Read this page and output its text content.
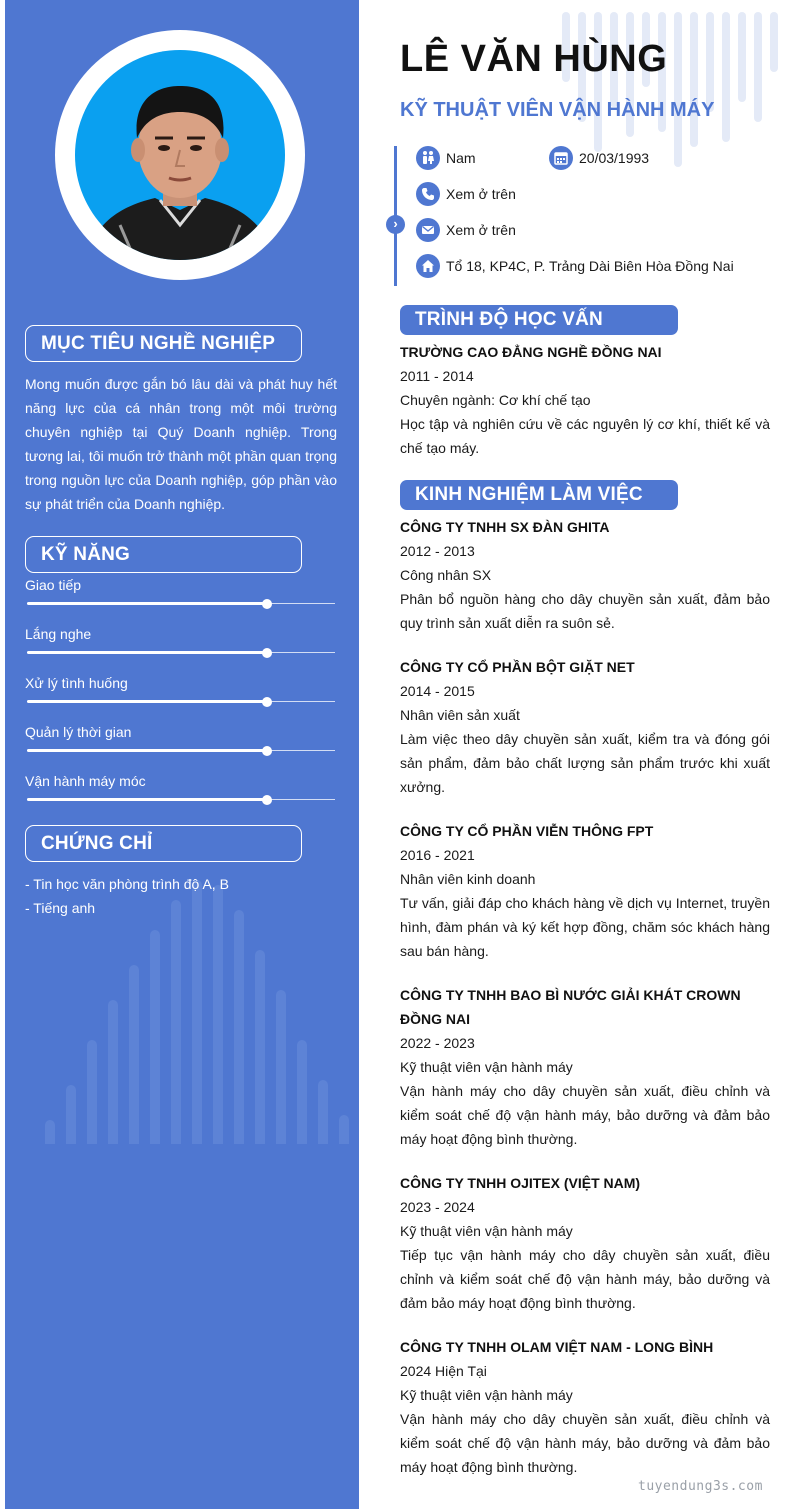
MỤC TIÊU NGHỀ NGHIỆP

Mong muốn được gắn bó lâu dài và phát huy hết năng lực của cá nhân trong một môi trường chuyên nghiệp tại Quý Doanh nghiệp. Trong tương lai, tôi muốn trở thành một phần quan trọng trong nguồn lực của Doanh nghiệp, góp phần vào sự phát triển của Doanh nghiệp.

KỸ NĂNG
Giao tiếp
Lắng nghe
Xử lý tình huống
Quản lý thời gian
Vận hành máy móc
CHỨNG CHỈ
- Tin học văn phòng trình độ A, B
- Tiếng anh
LÊ VĂN HÙNG
KỸ THUẬT VIÊN VẬN HÀNH MÁY
›
Nam	20/03/1993
Xem ở trên
Xem ở trên
Tổ 18, KP4C, P. Trảng Dài Biên Hòa Đồng Nai
TRÌNH ĐỘ HỌC VẤN
TRƯỜNG CAO ĐẲNG NGHỀ ĐỒNG NAI
2011 - 2014
Chuyên ngành: Cơ khí chế tạo
Học tập và nghiên cứu về các nguyên lý cơ khí, thiết kế và chế tạo máy.
KINH NGHIỆM LÀM VIỆC
CÔNG TY TNHH SX ĐÀN GHITA
2012 - 2013
Công nhân SX
Phân bổ nguồn hàng cho dây chuyền sản xuất, đảm bảo quy trình sản xuất diễn ra suôn sẻ.
CÔNG TY CỔ PHẦN BỘT GIẶT NET
2014 - 2015
Nhân viên sản xuất
Làm việc theo dây chuyền sản xuất, kiểm tra và đóng gói sản phẩm, đảm bảo chất lượng sản phẩm trước khi xuất xưởng.
CÔNG TY CỔ PHẦN VIỄN THÔNG FPT
2016 - 2021
Nhân viên kinh doanh
Tư vấn, giải đáp cho khách hàng về dịch vụ Internet, truyền hình, đàm phán và ký kết hợp đồng, chăm sóc khách hàng sau bán hàng.
CÔNG TY TNHH BAO BÌ NƯỚC GIẢI KHÁT CROWN ĐỒNG NAI
2022 - 2023
Kỹ thuật viên vận hành máy
Vận hành máy cho dây chuyền sản xuất, điều chỉnh và kiểm soát chế độ vận hành máy, bảo dưỡng và đảm bảo máy hoạt động bình thường.
CÔNG TY TNHH OJITEX (VIỆT NAM)
2023 - 2024
Kỹ thuật viên vận hành máy
Tiếp tục vận hành máy cho dây chuyền sản xuất, điều chỉnh và kiểm soát chế độ vận hành máy, bảo dưỡng và đảm bảo máy hoạt động bình thường.
CÔNG TY TNHH OLAM VIỆT NAM - LONG BÌNH
2024 Hiện Tại
Kỹ thuật viên vận hành máy
Vận hành máy cho dây chuyền sản xuất, điều chỉnh và kiểm soát chế độ vận hành máy, bảo dưỡng và đảm bảo máy hoạt động bình thường.
tuyendung3s.com
